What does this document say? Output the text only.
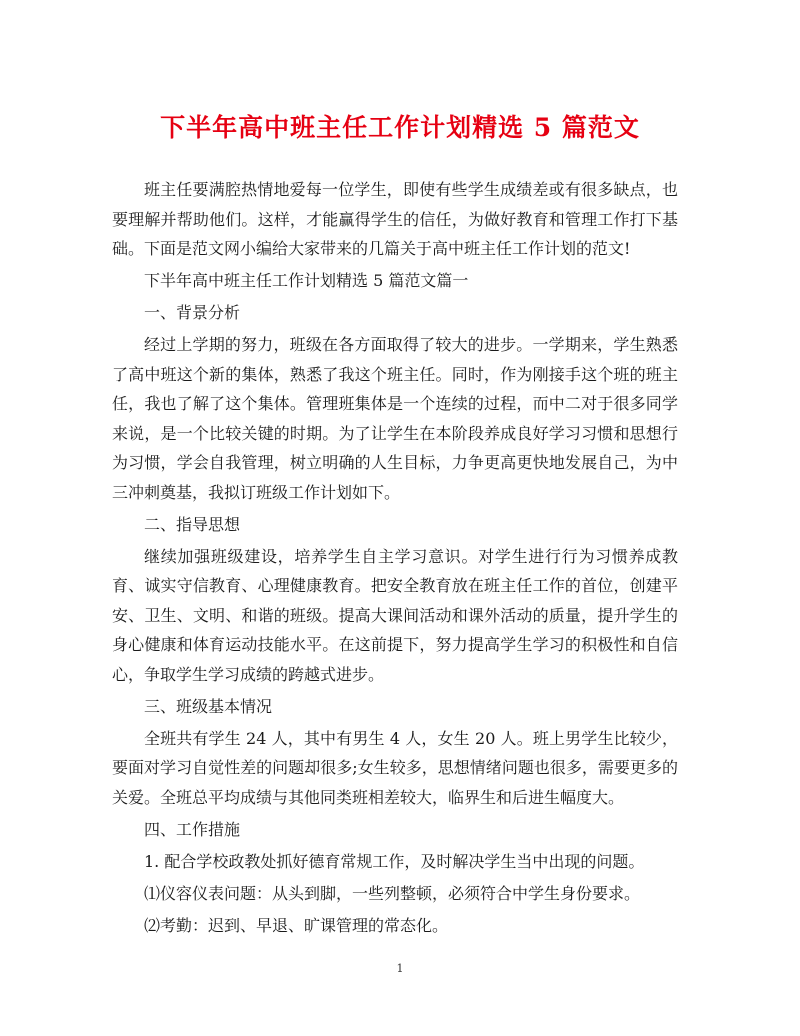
下半年高中班主任工作计划精选 5 篇范文

班主任要满腔热情地爱每一位学生，即使有些学生成绩差或有很多缺点，也要理解并帮助他们。这样，才能赢得学生的信任，为做好教育和管理工作打下基础。下面是范文网小编给大家带来的几篇关于高中班主任工作计划的范文!

下半年高中班主任工作计划精选 5 篇范文篇一

一、背景分析

经过上学期的努力，班级在各方面取得了较大的进步。一学期来，学生熟悉了高中班这个新的集体，熟悉了我这个班主任。同时，作为刚接手这个班的班主任，我也了解了这个集体。管理班集体是一个连续的过程，而中二对于很多同学来说，是一个比较关键的时期。为了让学生在本阶段养成良好学习习惯和思想行为习惯，学会自我管理，树立明确的人生目标，力争更高更快地发展自己，为中三冲刺奠基，我拟订班级工作计划如下。

二、指导思想

继续加强班级建设，培养学生自主学习意识。对学生进行行为习惯养成教育、诚实守信教育、心理健康教育。把安全教育放在班主任工作的首位，创建平安、卫生、文明、和谐的班级。提高大课间活动和课外活动的质量，提升学生的身心健康和体育运动技能水平。在这前提下，努力提高学生学习的积极性和自信心，争取学生学习成绩的跨越式进步。

三、班级基本情况

全班共有学生 24 人，其中有男生 4 人，女生 20 人。班上男学生比较少，要面对学习自觉性差的问题却很多;女生较多，思想情绪问题也很多，需要更多的关爱。全班总平均成绩与其他同类班相差较大，临界生和后进生幅度大。

四、工作措施

1. 配合学校政教处抓好德育常规工作，及时解决学生当中出现的问题。

⑴仪容仪表问题：从头到脚，一些列整顿，必须符合中学生身份要求。

⑵考勤：迟到、早退、旷课管理的常态化。

1
